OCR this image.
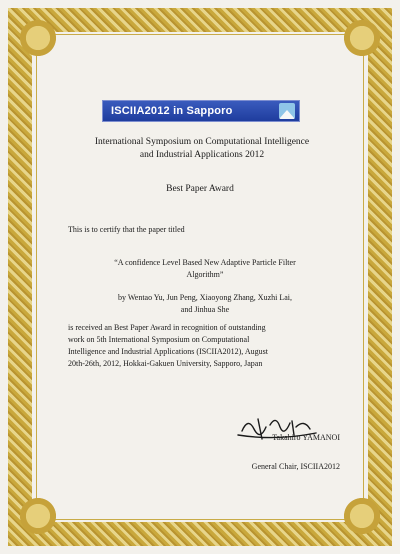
ISCIIA2012 in Sapporo
International Symposium on Computational Intelligence
and Industrial Applications 2012
Best Paper Award
This is to certify that the paper titled
“A confidence Level Based New Adaptive Particle Filter
Algorithm”
by Wentao Yu, Jun Peng, Xiaoyong Zhang, Xuzhi Lai,
and Jinhua She
is received an Best Paper Award in recognition of outstanding
work on 5th International Symposium on Computational
Intelligence and Industrial Applications (ISCIIA2012), August
20th-26th, 2012, Hokkai-Gakuen University, Sapporo, Japan
Takahiro YAMANOI
General Chair, ISCIIA2012
